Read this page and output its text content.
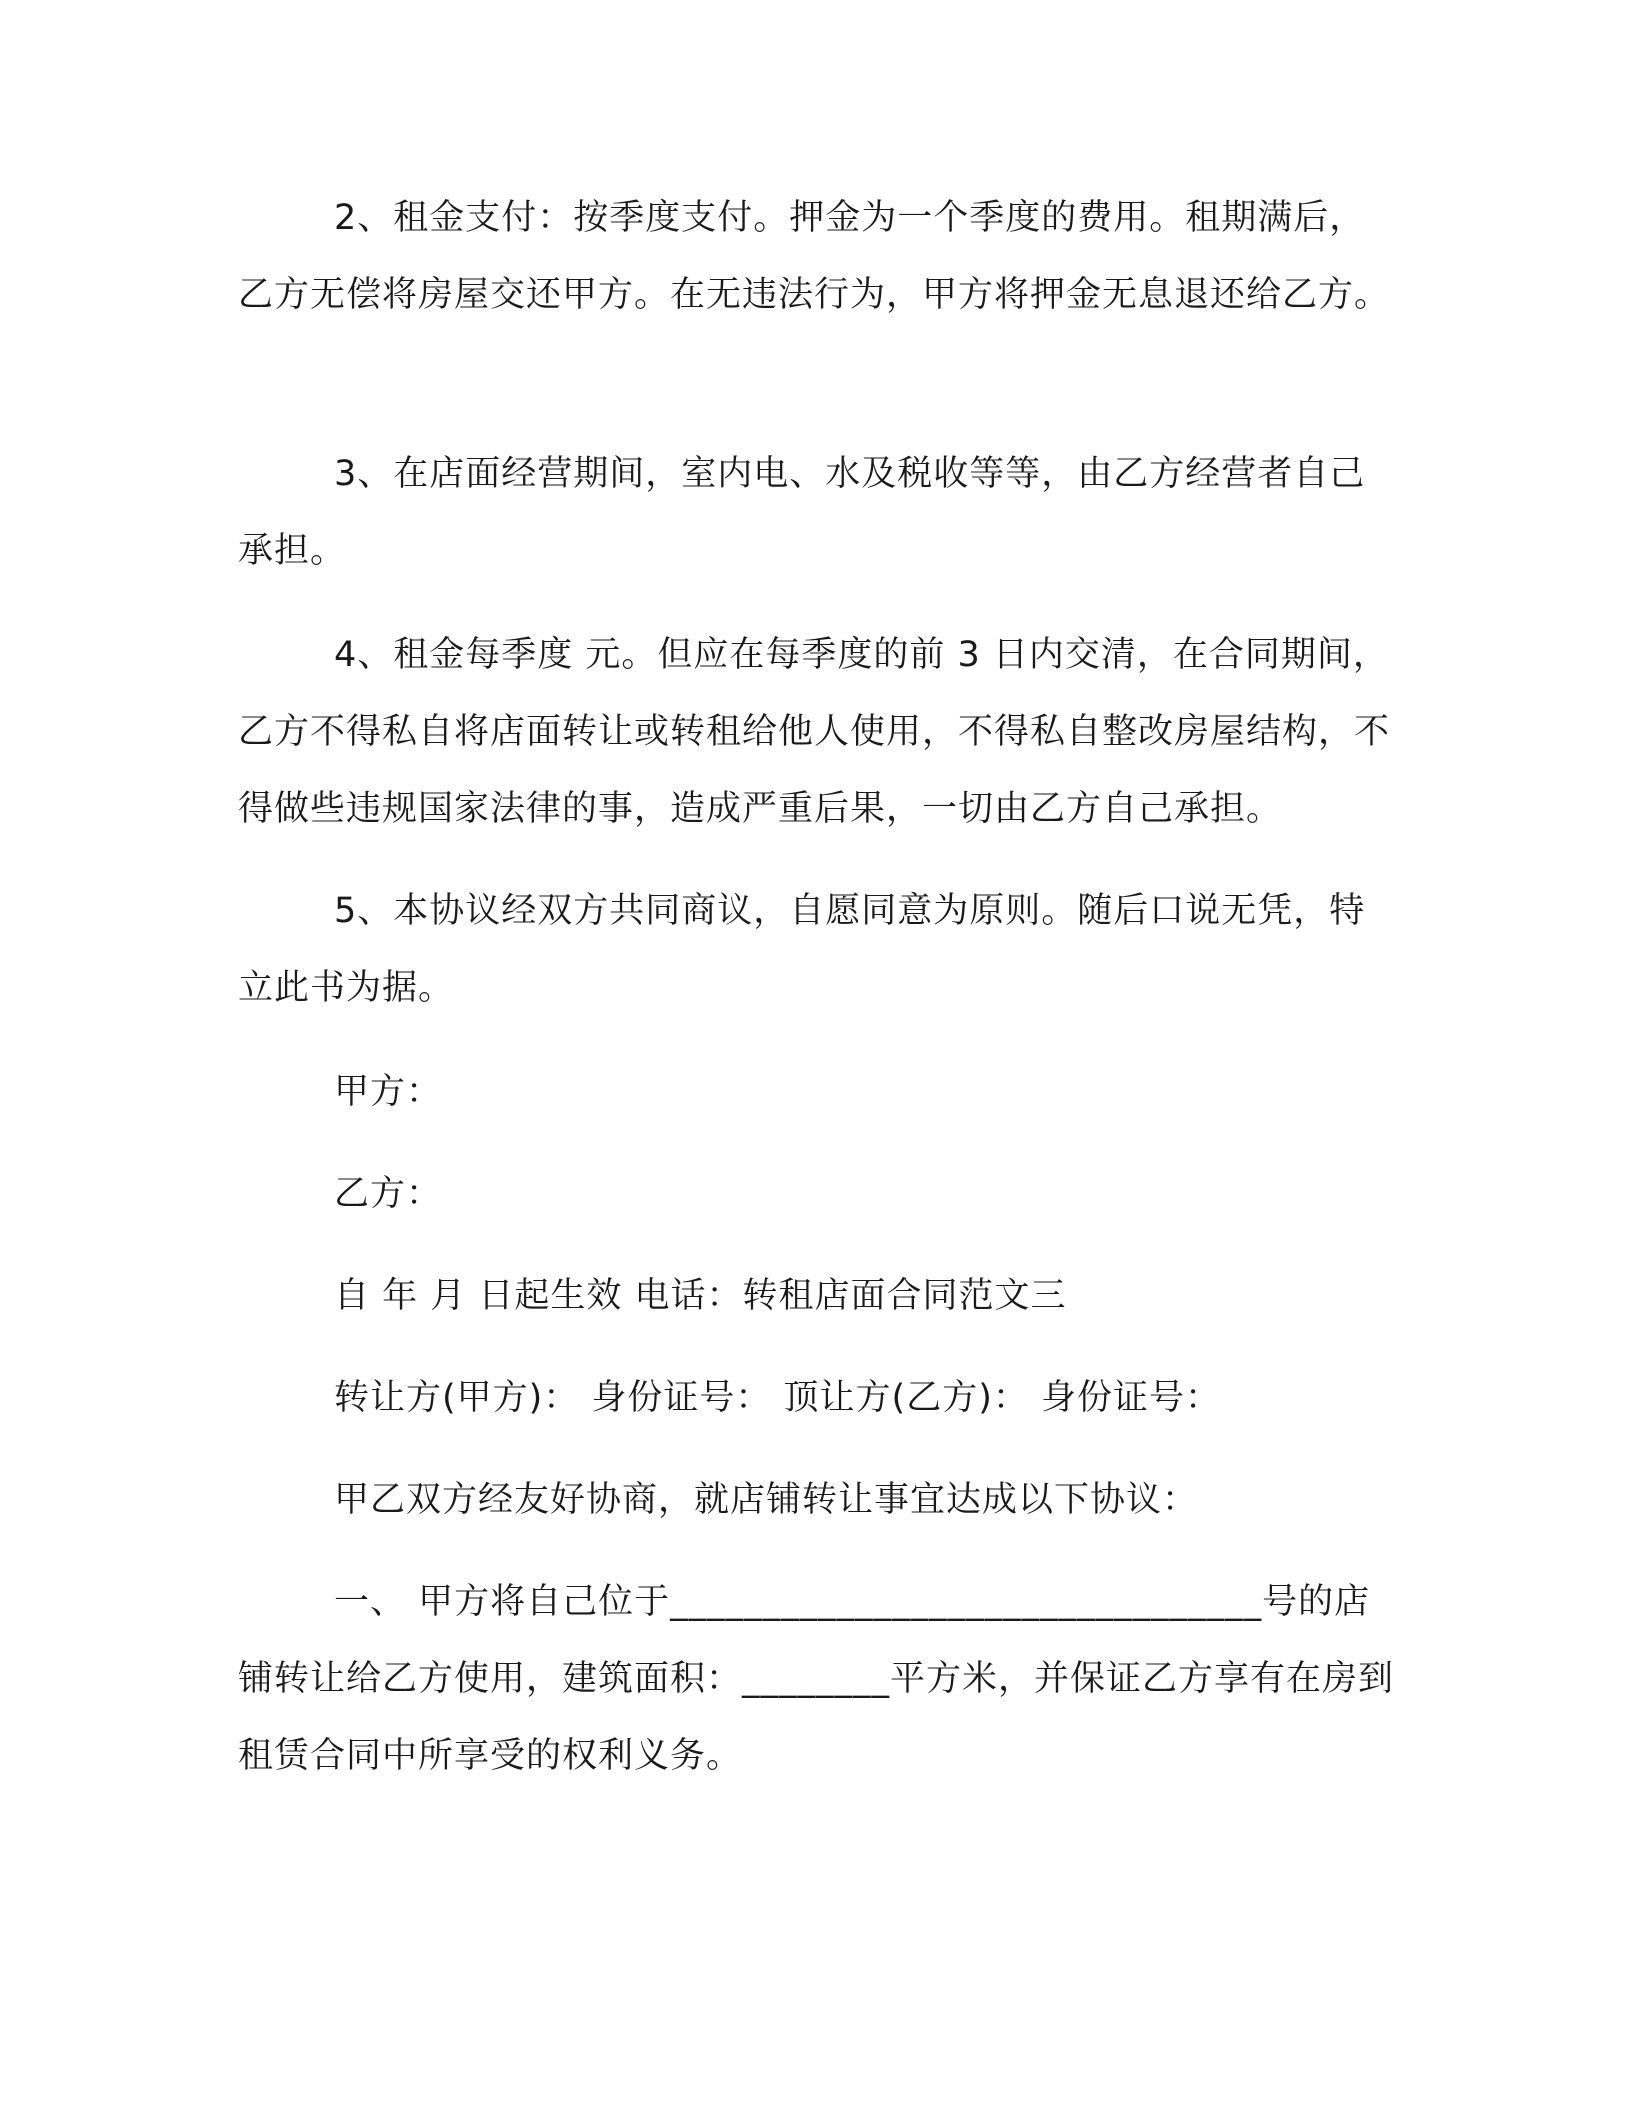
2、租金支付：按季度支付。押金为一个季度的费用。租期满后，乙方无偿将房屋交还甲方。在无违法行为，甲方将押金无息退还给乙方。

3、在店面经营期间，室内电、水及税收等等，由乙方经营者自己承担。

4、租金每季度 元。但应在每季度的前 3 日内交清，在合同期间，乙方不得私自将店面转让或转租给他人使用，不得私自整改房屋结构，不得做些违规国家法律的事，造成严重后果，一切由乙方自己承担。

5、本协议经双方共同商议，自愿同意为原则。随后口说无凭，特立此书为据。

甲方：

乙方：

自 年 月 日起生效 电话：转租店面合同范文三

转让方(甲方)： 身份证号： 顶让方(乙方)： 身份证号：

甲乙双方经友好协商，就店铺转让事宜达成以下协议：

一、 甲方将自己位于________________________________号的店铺转让给乙方使用，建筑面积：________平方米，并保证乙方享有在房到租赁合同中所享受的权利义务。
